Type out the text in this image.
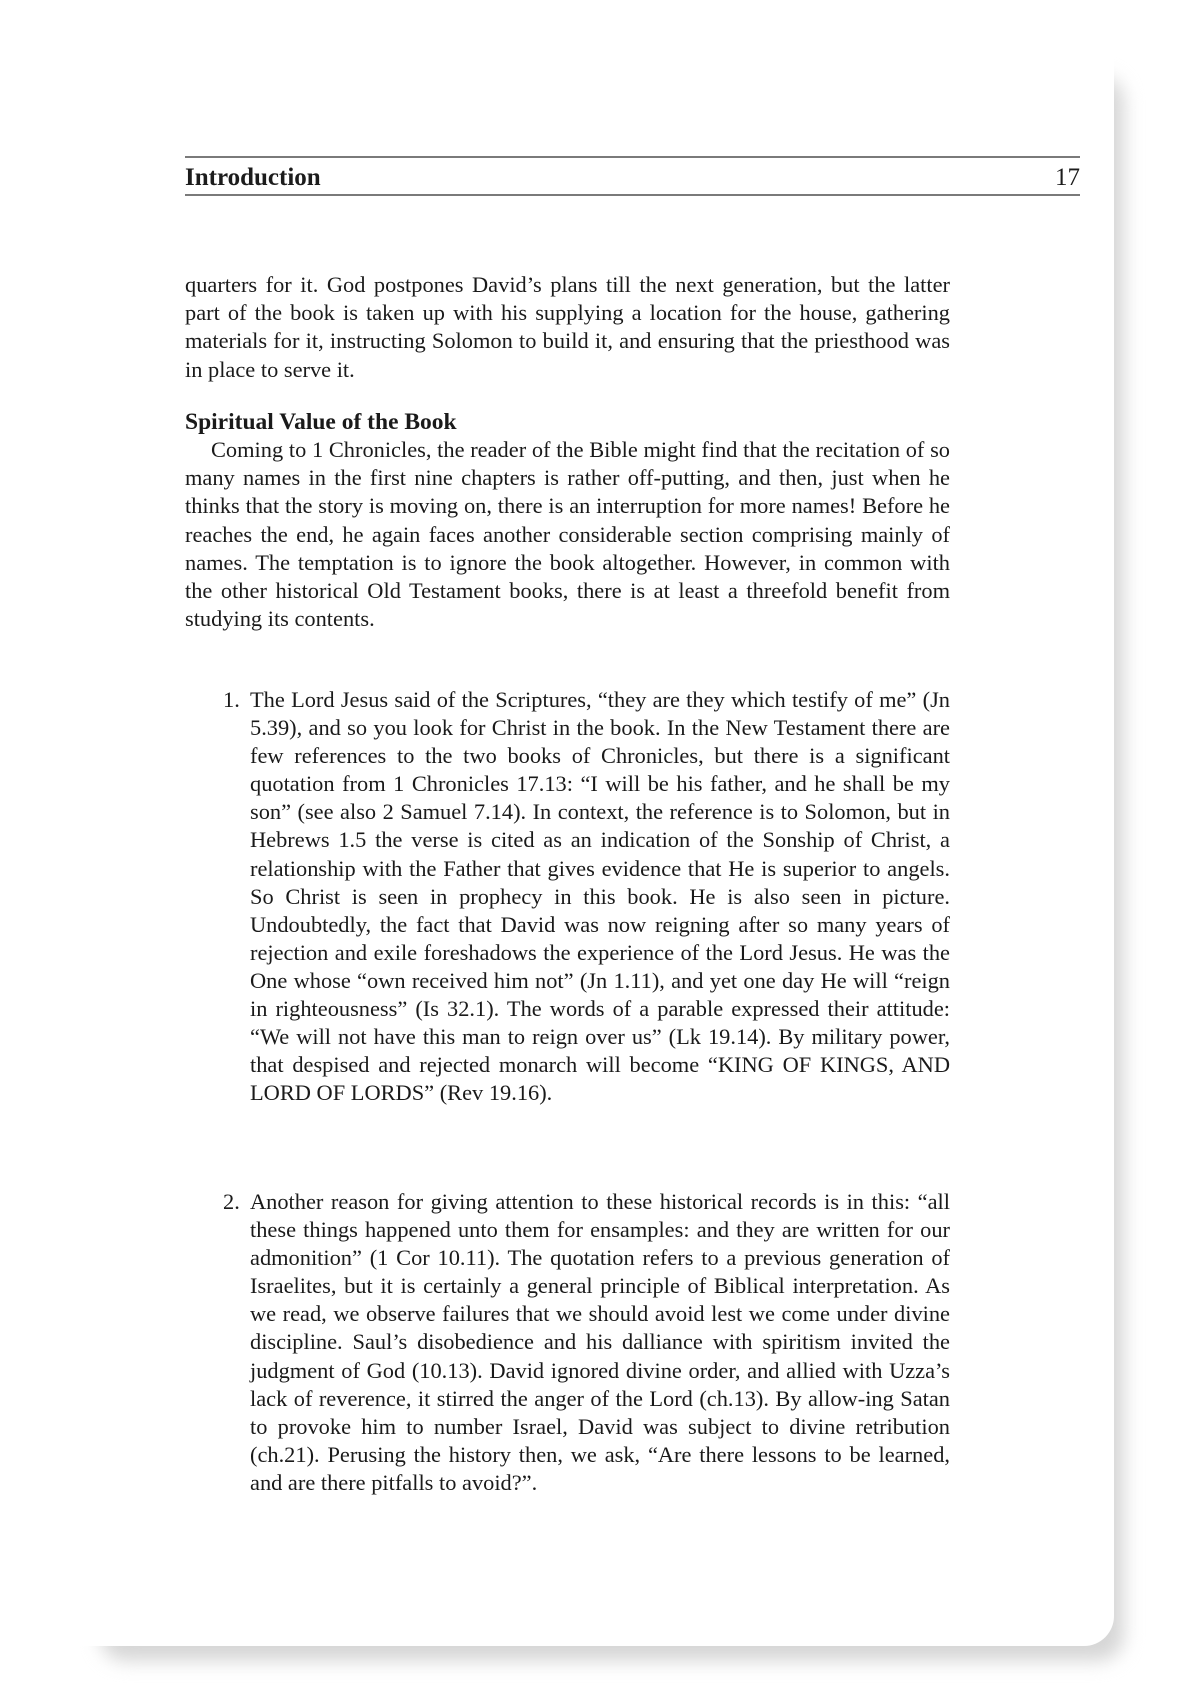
Introduction	17

quarters for it. God postpones David’s plans till the next generation, but the latter part of the book is taken up with his supplying a location for the house, gathering materials for it, instructing Solomon to build it, and ensuring that the priesthood was in place to serve it.

Spiritual Value of the Book

Coming to 1 Chronicles, the reader of the Bible might find that the recitation of so many names in the first nine chapters is rather off-putting, and then, just when he thinks that the story is moving on, there is an interruption for more names! Before he reaches the end, he again faces another considerable section comprising mainly of names. The temptation is to ignore the book altogether. However, in common with the other historical Old Testament books, there is at least a threefold benefit from studying its contents.

1. The Lord Jesus said of the Scriptures, “they are they which testify of me” (Jn 5.39), and so you look for Christ in the book. In the New Testament there are few references to the two books of Chronicles, but there is a significant quotation from 1 Chronicles 17.13: “I will be his father, and he shall be my son” (see also 2 Samuel 7.14). In context, the reference is to Solomon, but in Hebrews 1.5 the verse is cited as an indication of the Sonship of Christ, a relationship with the Father that gives evidence that He is superior to angels. So Christ is seen in prophecy in this book. He is also seen in picture. Undoubtedly, the fact that David was now reigning after so many years of rejection and exile foreshadows the experience of the Lord Jesus. He was the One whose “own received him not” (Jn 1.11), and yet one day He will “reign in righteousness” (Is 32.1). The words of a parable expressed their attitude: “We will not have this man to reign over us” (Lk 19.14). By military power, that despised and rejected monarch will become “KING OF KINGS, AND LORD OF LORDS” (Rev 19.16).
2. Another reason for giving attention to these historical records is in this: “all these things happened unto them for ensamples: and they are written for our admonition” (1 Cor 10.11). The quotation refers to a previous generation of Israelites, but it is certainly a general principle of Biblical interpretation. As we read, we observe failures that we should avoid lest we come under divine discipline. Saul’s disobedience and his dalliance with spiritism invited the judgment of God (10.13). David ignored divine order, and allied with Uzza’s lack of reverence, it stirred the anger of the Lord (ch.13). By allow-ing Satan to provoke him to number Israel, David was subject to divine retribution (ch.21). Perusing the history then, we ask, “Are there lessons to be learned, and are there pitfalls to avoid?”.
